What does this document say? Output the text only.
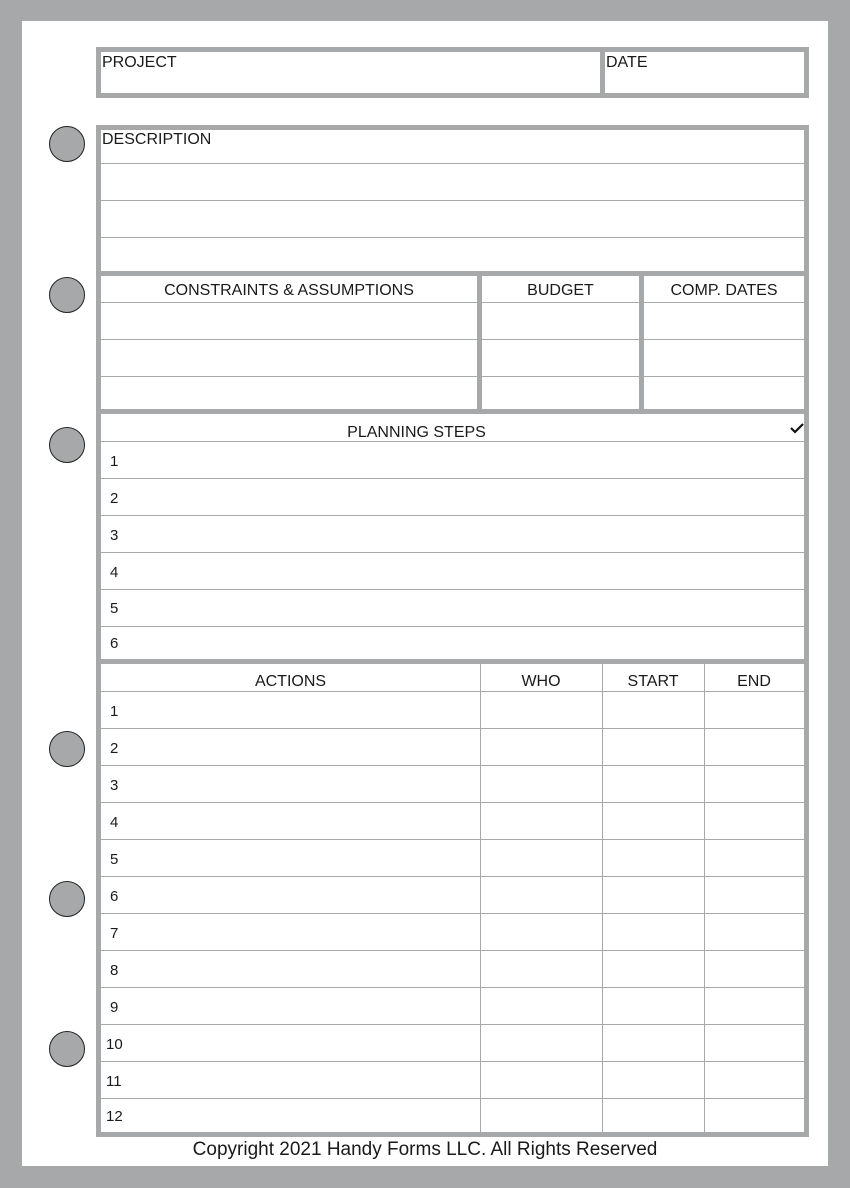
PROJECT	DATE
DESCRIPTION
CONSTRAINTS & ASSUMPTIONS	BUDGET	COMP. DATES
PLANNING STEPS
1
2
3
4
5
6
ACTIONS	WHO	START	END
1
2
3
4
5
6
7
8
9
10
11
12
Copyright 2021 Handy Forms LLC. All Rights Reserved
